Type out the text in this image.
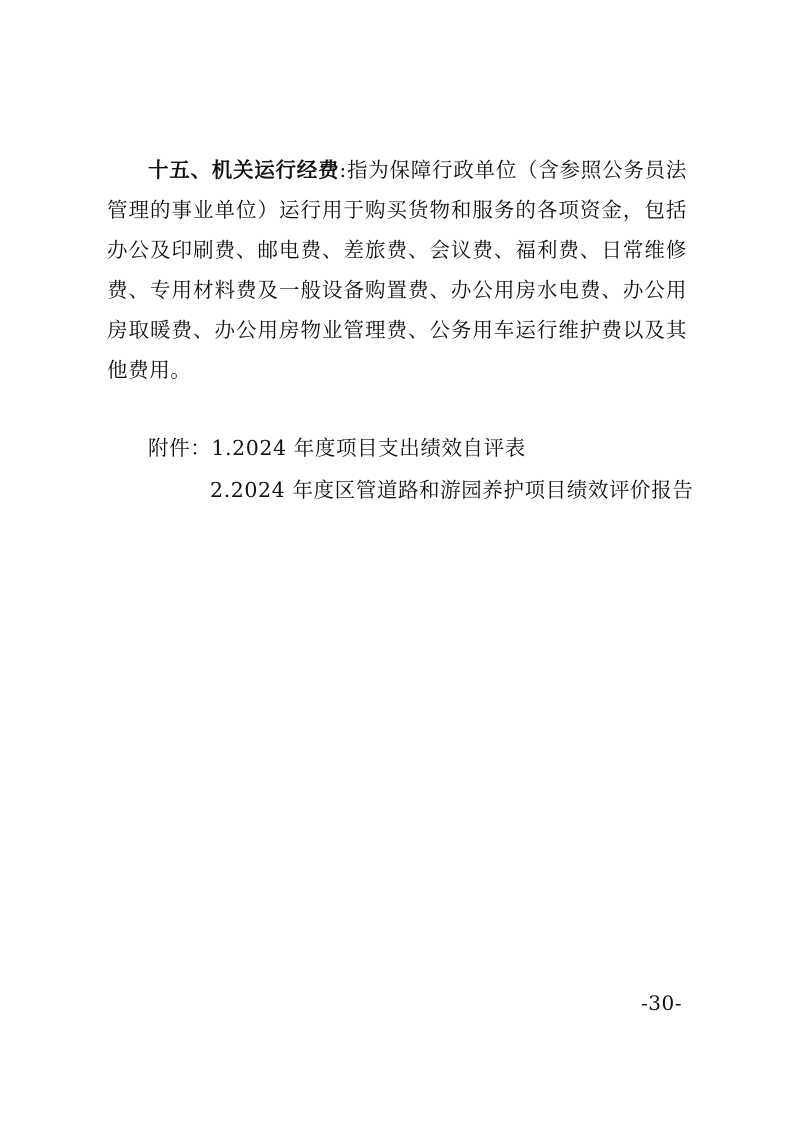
十五、机关运行经费:指为保障行政单位（含参照公务员法管理的事业单位）运行用于购买货物和服务的各项资金，包括办公及印刷费、邮电费、差旅费、会议费、福利费、日常维修费、专用材料费及一般设备购置费、办公用房水电费、办公用房取暖费、办公用房物业管理费、公务用车运行维护费以及其他费用。

附件：1.2024 年度项目支出绩效自评表
2.2024 年度区管道路和游园养护项目绩效评价报告
-30-
